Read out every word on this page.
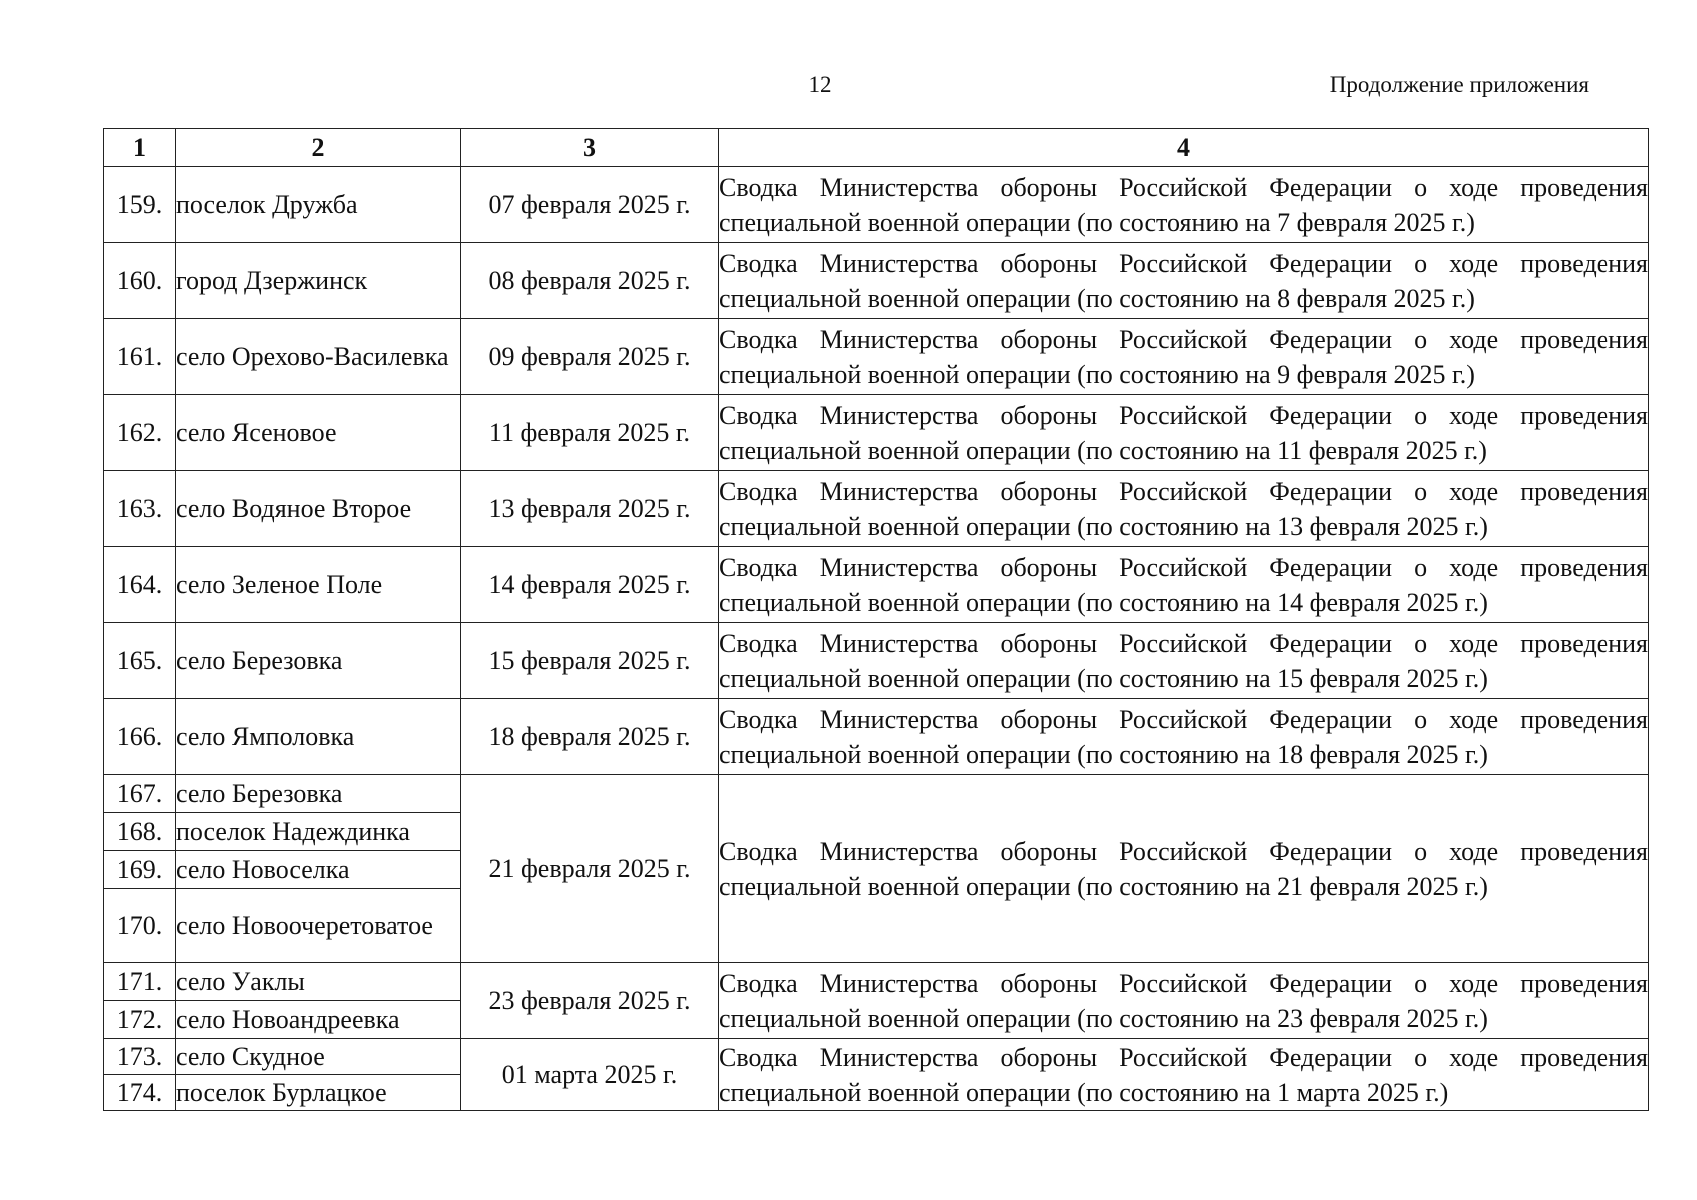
12	Продолжение приложения
1	2	3	4
159.	поселок Дружба	07 февраля 2025 г.	Сводка Министерства обороны Российской Федерации о ходе проведения специальной военной операции (по состоянию на 7 февраля 2025 г.)
160.	город Дзержинск	08 февраля 2025 г.	Сводка Министерства обороны Российской Федерации о ходе проведения специальной военной операции (по состоянию на 8 февраля 2025 г.)
161.	село Орехово-Василевка	09 февраля 2025 г.	Сводка Министерства обороны Российской Федерации о ходе проведения специальной военной операции (по состоянию на 9 февраля 2025 г.)
162.	село Ясеновое	11 февраля 2025 г.	Сводка Министерства обороны Российской Федерации о ходе проведения специальной военной операции (по состоянию на 11 февраля 2025 г.)
163.	село Водяное Второе	13 февраля 2025 г.	Сводка Министерства обороны Российской Федерации о ходе проведения специальной военной операции (по состоянию на 13 февраля 2025 г.)
164.	село Зеленое Поле	14 февраля 2025 г.	Сводка Министерства обороны Российской Федерации о ходе проведения специальной военной операции (по состоянию на 14 февраля 2025 г.)
165.	село Березовка	15 февраля 2025 г.	Сводка Министерства обороны Российской Федерации о ходе проведения специальной военной операции (по состоянию на 15 февраля 2025 г.)
166.	село Ямполовка	18 февраля 2025 г.	Сводка Министерства обороны Российской Федерации о ходе проведения специальной военной операции (по состоянию на 18 февраля 2025 г.)
167.	село Березовка	21 февраля 2025 г.	Сводка Министерства обороны Российской Федерации о ходе проведения специальной военной операции (по состоянию на 21 февраля 2025 г.)
168.	поселок Надеждинка		
169.	село Новоселка		
170.	село Новоочеретоватое		
171.	село Уаклы	23 февраля 2025 г.	Сводка Министерства обороны Российской Федерации о ходе проведения специальной военной операции (по состоянию на 23 февраля 2025 г.)
172.	село Новоандреевка		
173.	село Скудное	01 марта 2025 г.	Сводка Министерства обороны Российской Федерации о ходе проведения специальной военной операции (по состоянию на 1 марта 2025 г.)
174.	поселок Бурлацкое		
